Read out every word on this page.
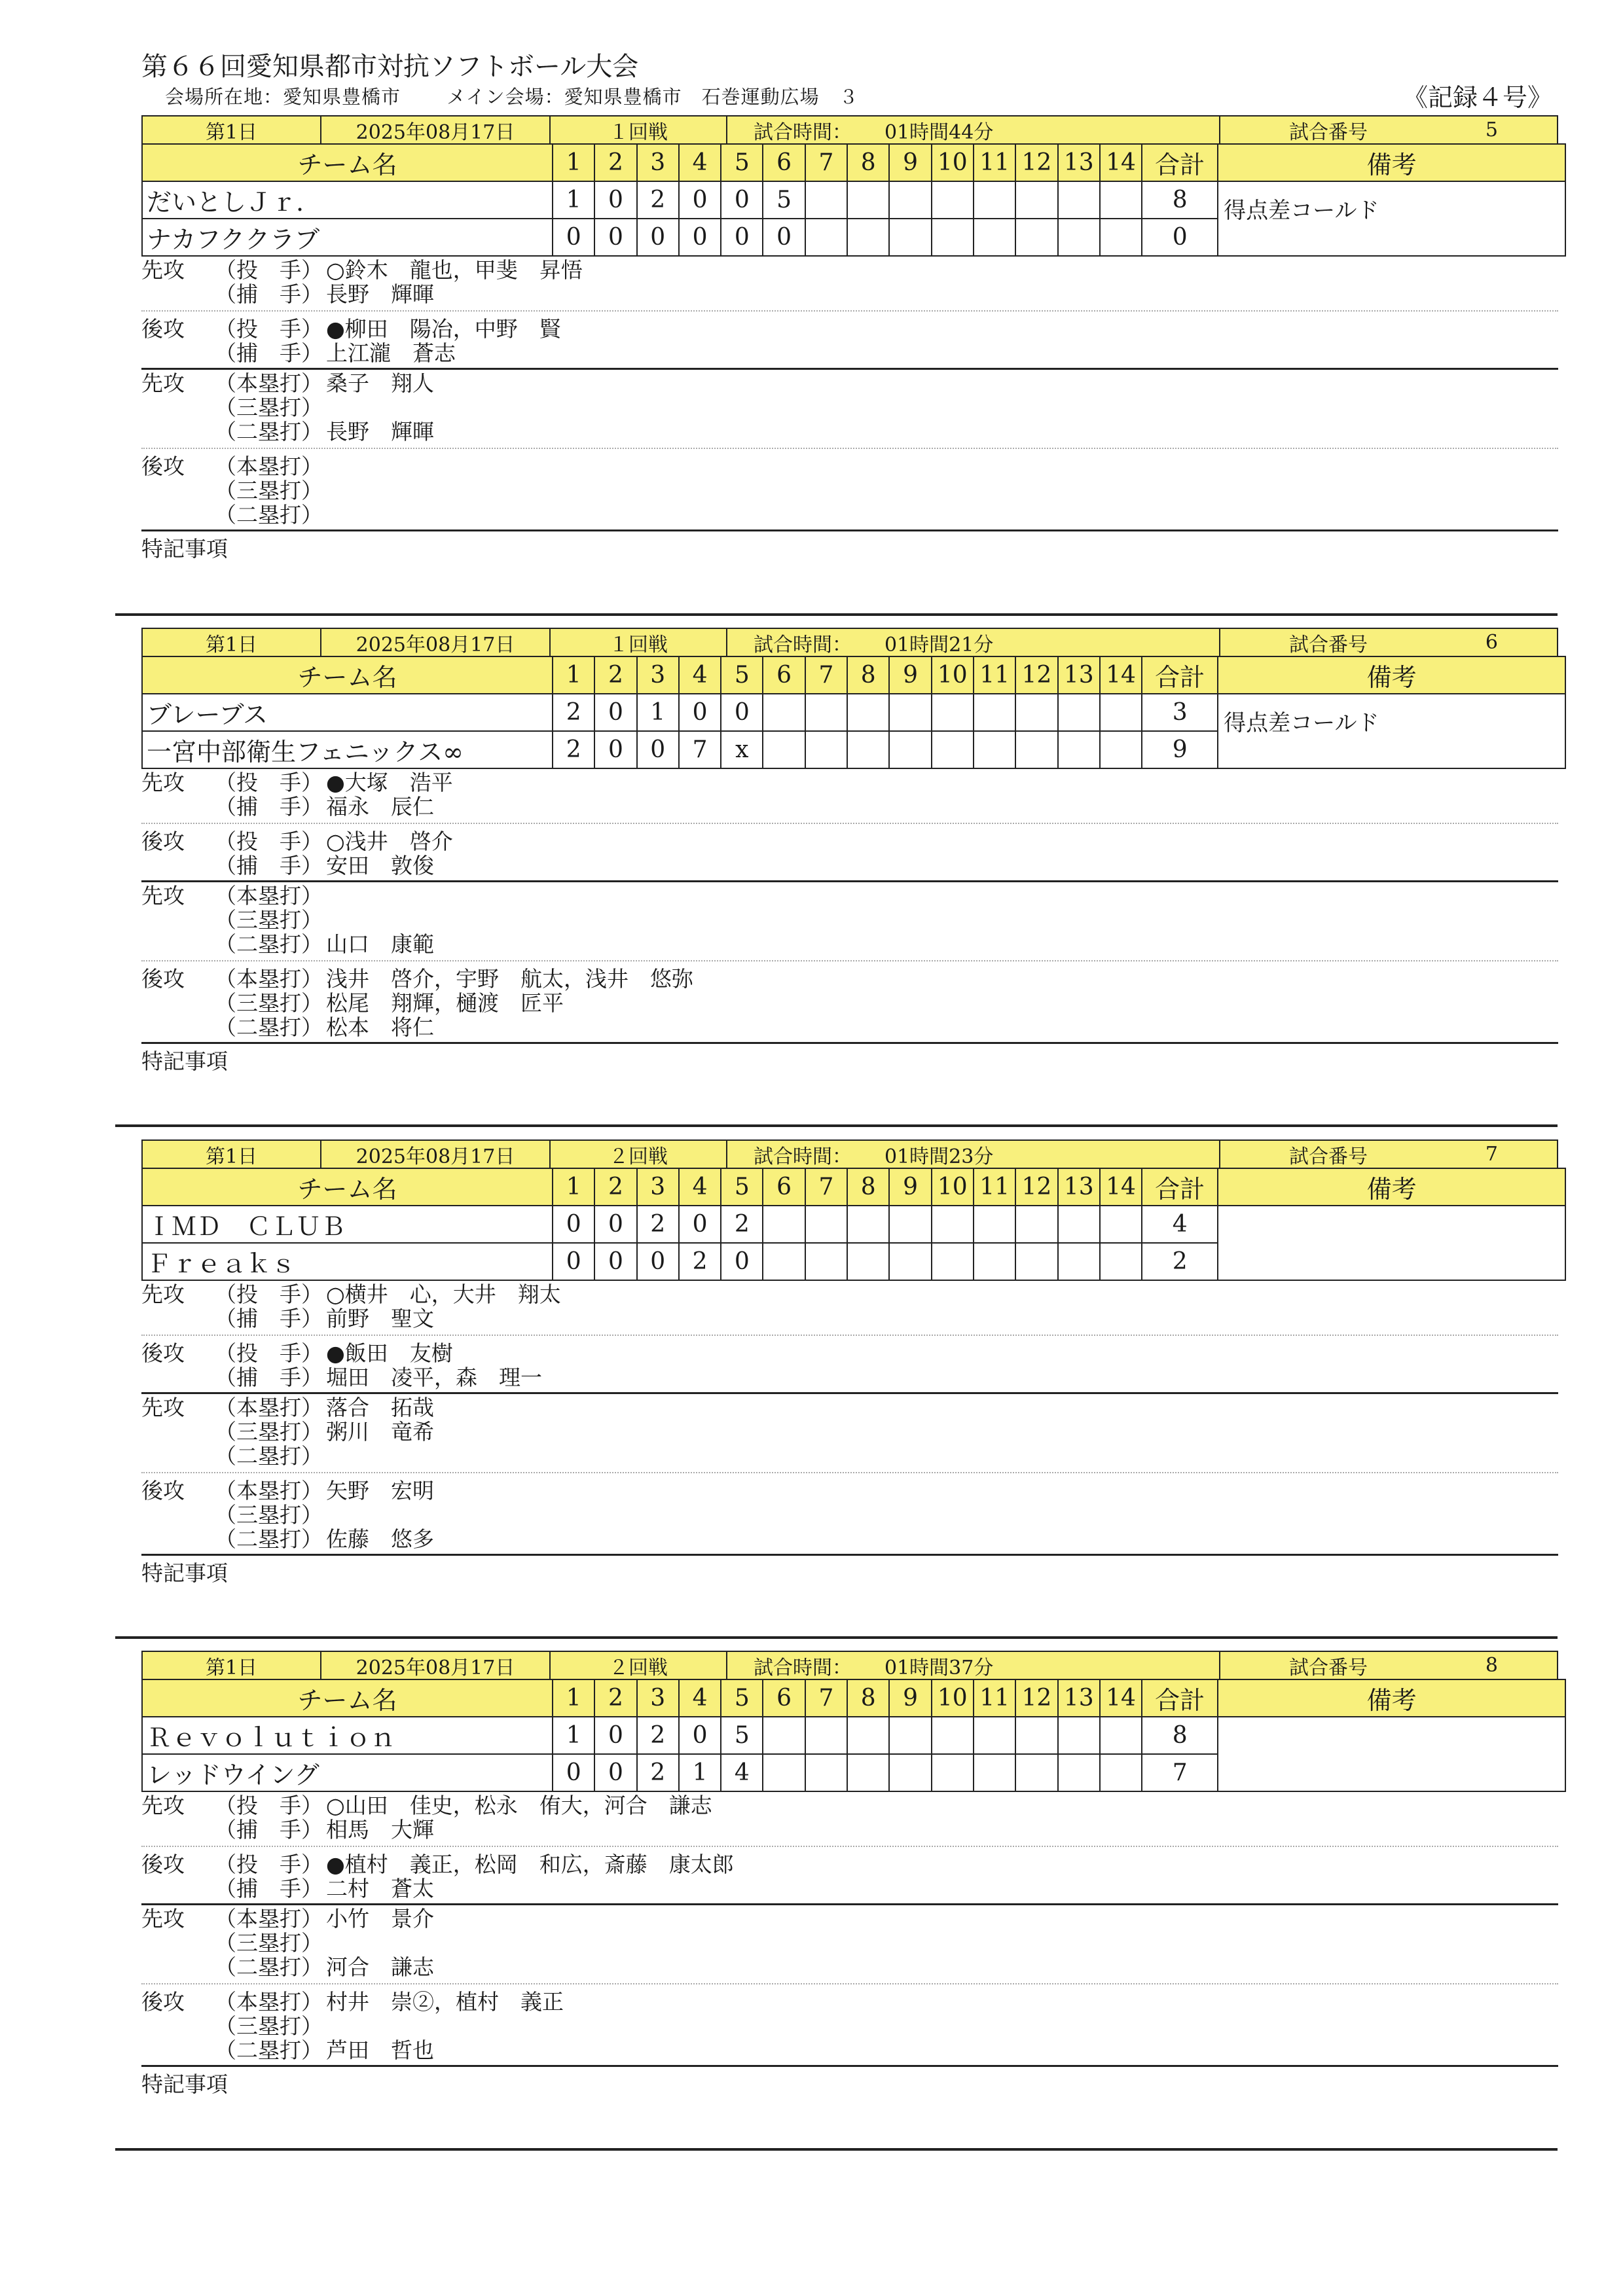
第６６回愛知県都市対抗ソフトボール大会
会場所在地：愛知県豊橋市　　 メイン会場：愛知県豊橋市　石巻運動広場　３	《記録４号》
第1日	2025年08月17日	１回戦	試合時間： 01時間44分	試合番号	5
チーム名	1	2	3	4	5	6	7	8	9	10	11	12	13	14	合計	備考
だいとしＪｒ.	1	0	2	0	0	5									8	得点差コールド
ナカフククラブ	0	0	0	0	0	0									0	
先攻	（投　手） ○鈴木　龍也，甲斐　昇悟
（捕　手） 長野　輝暉
後攻	（投　手） ●柳田　陽冶，中野　賢
（捕　手） 上江瀧　蒼志
先攻	（本塁打） 桑子　翔人
（三塁打）
（二塁打） 長野　輝暉
後攻	（本塁打）
（三塁打）
（二塁打）
特記事項
第1日	2025年08月17日	１回戦	試合時間： 01時間21分	試合番号	6
チーム名	1	2	3	4	5	6	7	8	9	10	11	12	13	14	合計	備考
ブレーブス	2	0	1	0	0										3	得点差コールド
一宮中部衛生フェニックス∞	2	0	0	7	x										9	
先攻	（投　手） ●大塚　浩平
（捕　手） 福永　辰仁
後攻	（投　手） ○浅井　啓介
（捕　手） 安田　敦俊
先攻	（本塁打）
（三塁打）
（二塁打） 山口　康範
後攻	（本塁打） 浅井　啓介，宇野　航太，浅井　悠弥
（三塁打） 松尾　翔輝，樋渡　匠平
（二塁打） 松本　将仁
特記事項
第1日	2025年08月17日	２回戦	試合時間： 01時間23分	試合番号	7
チーム名	1	2	3	4	5	6	7	8	9	10	11	12	13	14	合計	備考
ＩＭＤ　ＣＬＵＢ	0	0	2	0	2										4	
Ｆｒｅａｋｓ	0	0	0	2	0										2	
先攻	（投　手） ○横井　心，大井　翔太
（捕　手） 前野　聖文
後攻	（投　手） ●飯田　友樹
（捕　手） 堀田　凌平，森　理一
先攻	（本塁打） 落合　拓哉
（三塁打） 粥川　竜希
（二塁打）
後攻	（本塁打） 矢野　宏明
（三塁打）
（二塁打） 佐藤　悠多
特記事項
第1日	2025年08月17日	２回戦	試合時間： 01時間37分	試合番号	8
チーム名	1	2	3	4	5	6	7	8	9	10	11	12	13	14	合計	備考
Ｒｅｖｏｌｕｔｉｏｎ	1	0	2	0	5										8	
レッドウイング	0	0	2	1	4										7	
先攻	（投　手） ○山田　佳史，松永　侑大，河合　謙志
（捕　手） 相馬　大輝
後攻	（投　手） ●植村　義正，松岡　和広，斎藤　康太郎
（捕　手） 二村　蒼太
先攻	（本塁打） 小竹　景介
（三塁打）
（二塁打） 河合　謙志
後攻	（本塁打） 村井　崇②，植村　義正
（三塁打）
（二塁打） 芦田　哲也
特記事項
